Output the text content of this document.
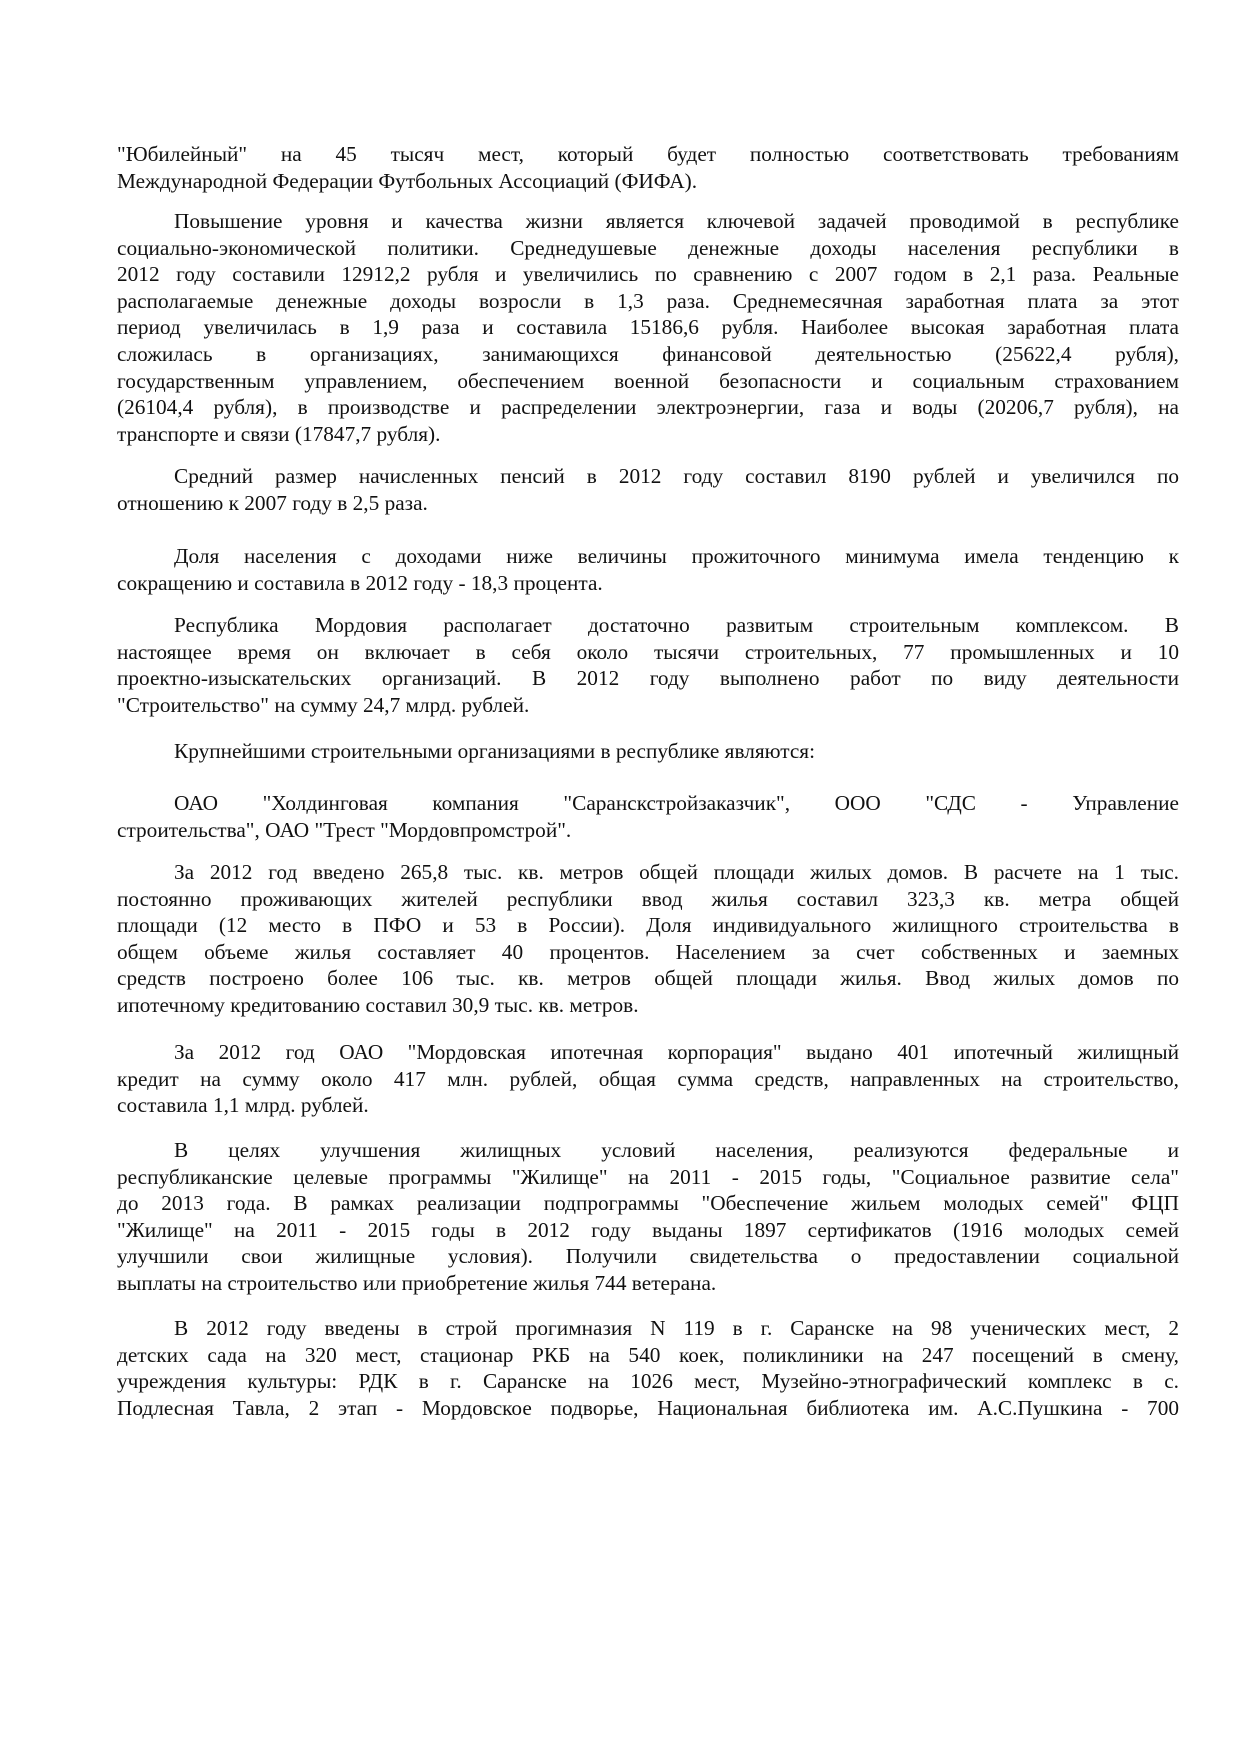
"Юбилейный" на 45 тысяч мест, который будет полностью соответствовать требованиям
Международной Федерации Футбольных Ассоциаций (ФИФА).
Повышение уровня и качества жизни является ключевой задачей проводимой в республике
социально-экономической политики. Среднедушевые денежные доходы населения республики в
2012 году составили 12912,2 рубля и увеличились по сравнению с 2007 годом в 2,1 раза. Реальные
располагаемые денежные доходы возросли в 1,3 раза. Среднемесячная заработная плата за этот
период увеличилась в 1,9 раза и составила 15186,6 рубля. Наиболее высокая заработная плата
сложилась в организациях, занимающихся финансовой деятельностью (25622,4 рубля),
государственным управлением, обеспечением военной безопасности и социальным страхованием
(26104,4 рубля), в производстве и распределении электроэнергии, газа и воды (20206,7 рубля), на
транспорте и связи (17847,7 рубля).
Средний размер начисленных пенсий в 2012 году составил 8190 рублей и увеличился по
отношению к 2007 году в 2,5 раза.
Доля населения с доходами ниже величины прожиточного минимума имела тенденцию к
сокращению и составила в 2012 году - 18,3 процента.
Республика Мордовия располагает достаточно развитым строительным комплексом. В
настоящее время он включает в себя около тысячи строительных, 77 промышленных и 10
проектно-изыскательских организаций. В 2012 году выполнено работ по виду деятельности
"Строительство" на сумму 24,7 млрд. рублей.
Крупнейшими строительными организациями в республике являются:
ОАО "Холдинговая компания "Саранскстройзаказчик", ООО "СДС - Управление
строительства", ОАО "Трест "Мордовпромстрой".
За 2012 год введено 265,8 тыс. кв. метров общей площади жилых домов. В расчете на 1 тыс.
постоянно проживающих жителей республики ввод жилья составил 323,3 кв. метра общей
площади (12 место в ПФО и 53 в России). Доля индивидуального жилищного строительства в
общем объеме жилья составляет 40 процентов. Населением за счет собственных и заемных
средств построено более 106 тыс. кв. метров общей площади жилья. Ввод жилых домов по
ипотечному кредитованию составил 30,9 тыс. кв. метров.
За 2012 год ОАО "Мордовская ипотечная корпорация" выдано 401 ипотечный жилищный
кредит на сумму около 417 млн. рублей, общая сумма средств, направленных на строительство,
составила 1,1 млрд. рублей.
В целях улучшения жилищных условий населения, реализуются федеральные и
республиканские целевые программы "Жилище" на 2011 - 2015 годы, "Социальное развитие села"
до 2013 года. В рамках реализации подпрограммы "Обеспечение жильем молодых семей" ФЦП
"Жилище" на 2011 - 2015 годы в 2012 году выданы 1897 сертификатов (1916 молодых семей
улучшили свои жилищные условия). Получили свидетельства о предоставлении социальной
выплаты на строительство или приобретение жилья 744 ветерана.
В 2012 году введены в строй прогимназия N 119 в г. Саранске на 98 ученических мест, 2
детских сада на 320 мест, стационар РКБ на 540 коек, поликлиники на 247 посещений в смену,
учреждения культуры: РДК в г. Саранске на 1026 мест, Музейно-этнографический комплекс в с.
Подлесная Тавла, 2 этап - Мордовское подворье, Национальная библиотека им. А.С.Пушкина - 700
